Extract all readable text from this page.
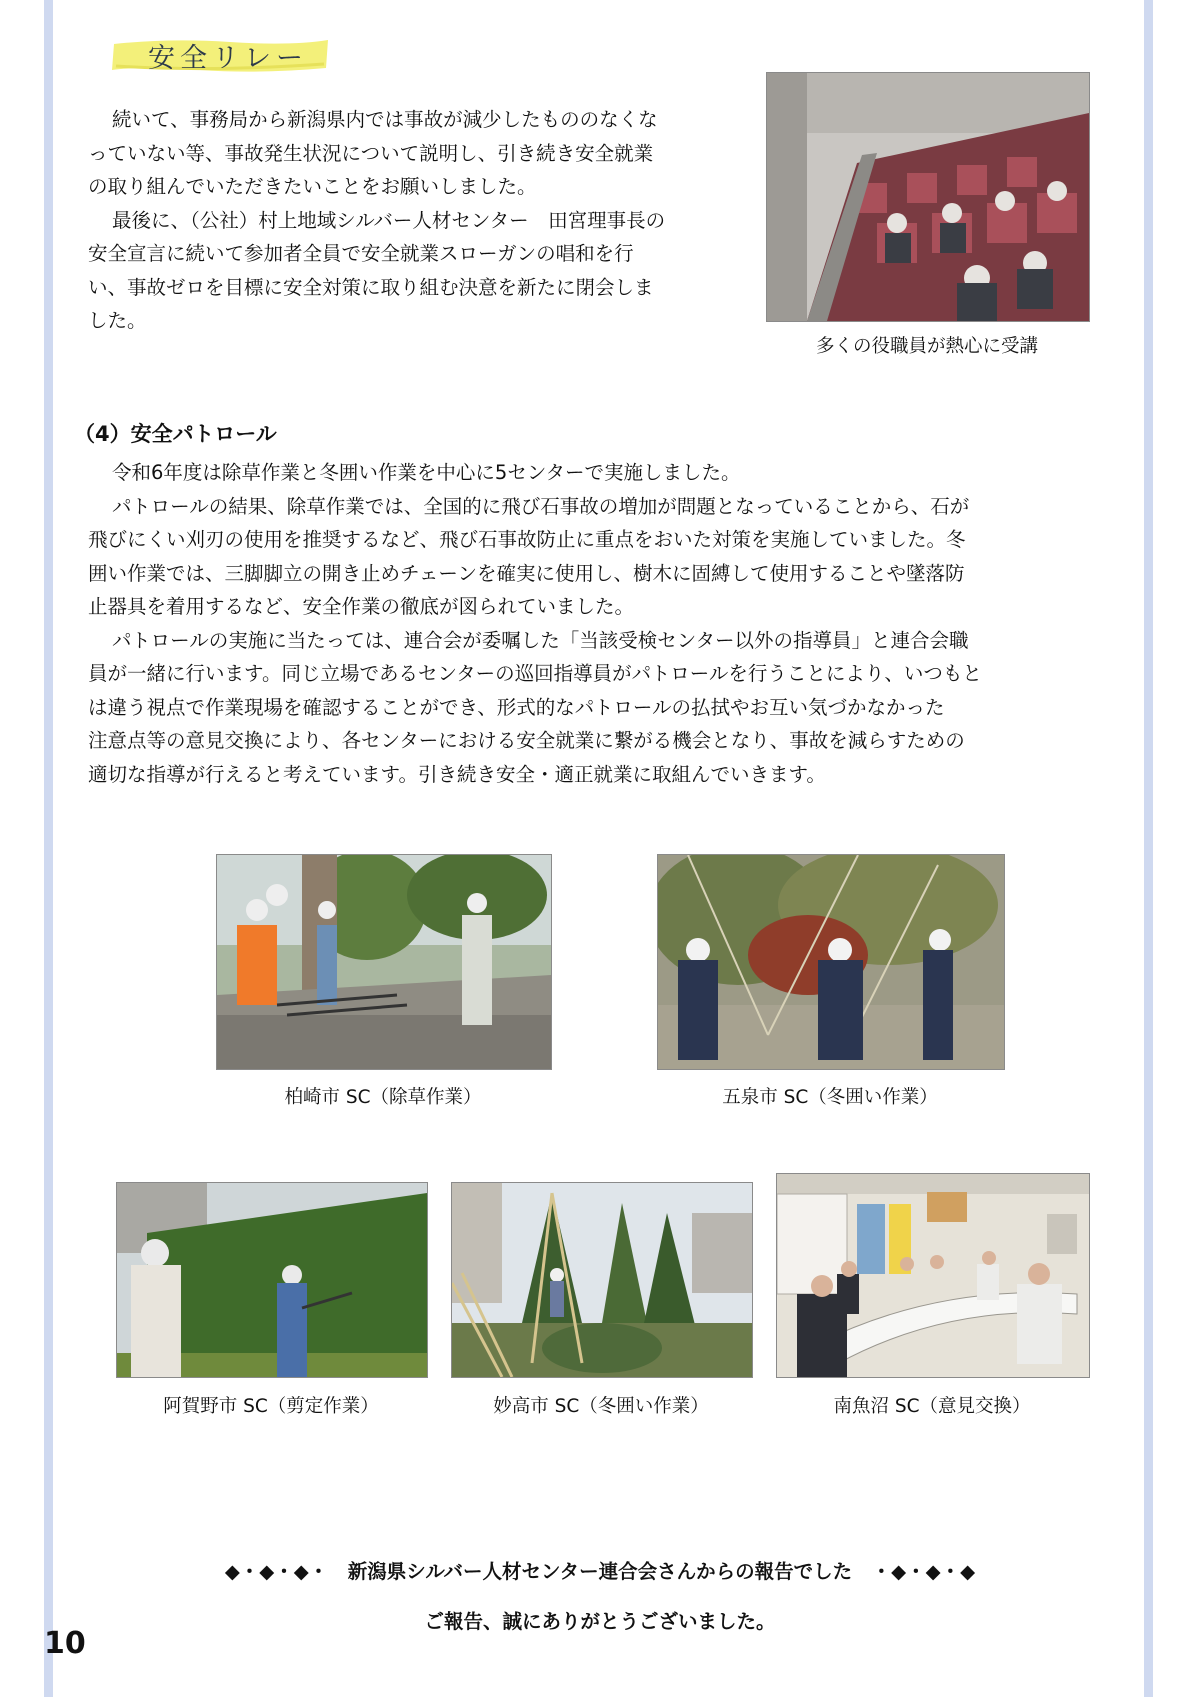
安全リレー
続いて、事務局から新潟県内では事故が減少したもののなくな
っていない等、事故発生状況について説明し、引き続き安全就業
の取り組んでいただきたいことをお願いしました。
最後に、（公社）村上地域シルバー人材センター　田宮理事長の
安全宣言に続いて参加者全員で安全就業スローガンの唱和を行
い、事故ゼロを目標に安全対策に取り組む決意を新たに閉会しま
した。
多くの役職員が熱心に受講
（4）安全パトロール
令和6年度は除草作業と冬囲い作業を中心に5センターで実施しました。
パトロールの結果、除草作業では、全国的に飛び石事故の増加が問題となっていることから、石が
飛びにくい刈刃の使用を推奨するなど、飛び石事故防止に重点をおいた対策を実施していました。冬
囲い作業では、三脚脚立の開き止めチェーンを確実に使用し、樹木に固縛して使用することや墜落防
止器具を着用するなど、安全作業の徹底が図られていました。
パトロールの実施に当たっては、連合会が委嘱した「当該受検センター以外の指導員」と連合会職
員が一緒に行います。同じ立場であるセンターの巡回指導員がパトロールを行うことにより、いつもと
は違う視点で作業現場を確認することができ、形式的なパトロールの払拭やお互い気づかなかった
注意点等の意見交換により、各センターにおける安全就業に繋がる機会となり、事故を減らすための
適切な指導が行えると考えています。引き続き安全・適正就業に取組んでいきます。
柏崎市 SC（除草作業）	五泉市 SC（冬囲い作業）
阿賀野市 SC（剪定作業）	妙高市 SC（冬囲い作業）	南魚沼 SC（意見交換）
◆・◆・◆・　新潟県シルバー人材センター連合会さんからの報告でした　・◆・◆・◆
ご報告、誠にありがとうございました。
10
